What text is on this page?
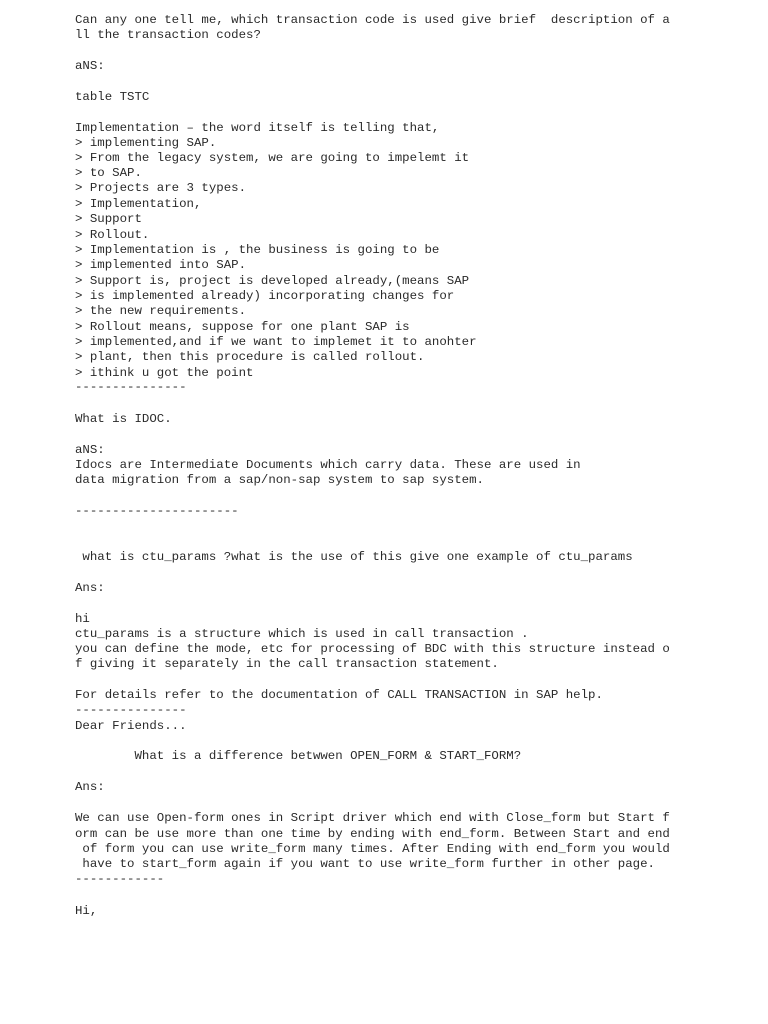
Can any one tell me, which transaction code is used give brief  description of a

ll the transaction codes?

aNS:

table TSTC

Implementation – the word itself is telling that,

> implementing SAP.

> From the legacy system, we are going to impelemt it

> to SAP.

> Projects are 3 types.

> Implementation,

> Support

> Rollout.

> Implementation is , the business is going to be

> implemented into SAP.

> Support is, project is developed already,(means SAP

> is implemented already) incorporating changes for

> the new requirements.

> Rollout means, suppose for one plant SAP is

> implemented,and if we want to implemet it to anohter

> plant, then this procedure is called rollout.

> ithink u got the point

---------------

What is IDOC.

aNS:

Idocs are Intermediate Documents which carry data. These are used in

data migration from a sap/non-sap system to sap system.

----------------------

what is ctu_params ?what is the use of this give one example of ctu_params

Ans:

hi

ctu_params is a structure which is used in call transaction .

you can define the mode, etc for processing of BDC with this structure instead o

f giving it separately in the call transaction statement.

For details refer to the documentation of CALL TRANSACTION in SAP help.

---------------

Dear Friends...

What is a difference betwwen OPEN_FORM & START_FORM?

Ans:

We can use Open-form ones in Script driver which end with Close_form but Start f

orm can be use more than one time by ending with end_form. Between Start and end

of form you can use write_form many times. After Ending with end_form you would

have to start_form again if you want to use write_form further in other page.

------------

Hi,
